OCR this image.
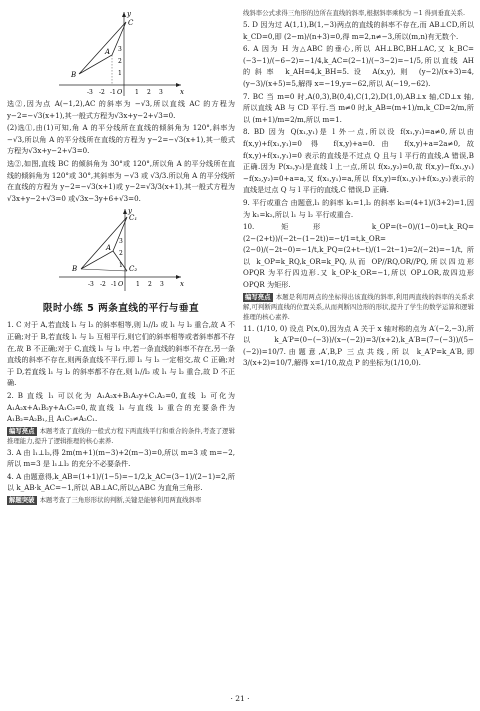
B
A
C
x
y
O
-3 -2 -1	1 2 3
1
2
3

选②,因为点 A(−1,2),AC 的斜率为 −√3,所以直线 AC 的方程为 y−2=−√3(x+1),其一般式方程为√3x+y−2+√3=0.

(2)选①,由(1)可知,角 A 的平分线所在直线的倾斜角为 120°,斜率为 −√3,所以角 A 的平分线所在直线的方程为 y−2=−√3(x+1),其一般式方程为√3x+y−2+√3=0.

选②,如图,直线 BC 的倾斜角为 30°或 120°,所以角 A 的平分线所在直线的倾斜角为 120°或 30°,其斜率为 −√3 或 √3/3.所以角 A 的平分线所在直线的方程为 y−2=−√3(x+1)或 y−2=√3/3(x+1),其一般式方程为√3x+y−2+√3=0 或√3x−3y+6+√3=0.

B
A
C₁
C₂
x
y
O
-3 -2 -1	1 2 3
1
2
3
限时小练 5 两条直线的平行与垂直

1. C 对于 A,若直线 l₁ 与 l₂ 的斜率相等,则 l₁//l₂ 或 l₁ 与 l₂ 重合,故 A 不正确;对于 B,若直线 l₁ 与 l₂ 互相平行,则它们的斜率相等或者斜率都不存在,故 B 不正确;对于 C,直线 l₁ 与 l₂ 中,若一条直线的斜率不存在,另一条直线的斜率不存在,则两条直线不平行,即 l₁ 与 l₂ 一定相交,故 C 正确;对于 D,若直线 l₁ 与 l₂ 的斜率都不存在,则 l₁//l₂ 或 l₁ 与 l₂ 重合,故 D 不正确.

2. B 直线 l₁ 可以化为 A₁A₂x+B₁A₂y+C₁A₂=0,直线 l₂ 可化为 A₁A₂x+A₁B₂y+A₁C₂=0,故直线 l₁ 与直线 l₂ 重合的充要条件为 A₁B₂=A₂B₁,且 A₁C₂≠A₂C₁.

编写亮点 本题考查了直线的一般式方程下两直线平行和重合的条件,考查了逻辑推理能力,提升了逻辑推理的核心素养.

3. A 由 l₁⊥l₂,得 2m(m+1)(m−3)+2(m−3)=0,所以 m=3 或 m=−2,所以 m=3 是 l₁⊥l₂ 的充分不必要条件.

4. A 由题意得,k_AB=(1+1)/(1−5)=−1/2,k_AC=(3−1)/(2−1)=2,所以 k_AB·k_AC=−1,所以 AB⊥AC,所以△ABC 为直角三角形.

解题突破 本题考查了三角形形状的判断,关键是能够利用两直线斜率

线斜率公式求得三角形的边所在直线的斜率,根据斜率乘积为 −1 得到垂直关系.

5. D 因为过 A(1,1),B(1,−3)两点的直线的斜率不存在,而 AB⊥CD,所以 k_CD=0,即 (2−m)/(n+3)=0,得 m=2,n≠−3,所以(m,n)有无数个.

6. A 因为 H 为△ABC 的垂心,所以 AH⊥BC,BH⊥AC,又 k_BC=(−3−1)/(−6−2)=−1/4,k_AC=(2−1)/(−3−2)=−1/5,所以直线 AH 的斜率 k_AH=4,k_BH=5.设 A(x,y),则 (y−2)/(x+3)=4,(y−3)/(x+5)=5,解得 x=−19,y=−62,所以 A(−19,−62).

7. BC 当 m=0 时,A(0,3),B(0,4),C(1,2),D(1,0),AB⊥x 轴,CD⊥x 轴,所以直线 AB 与 CD 平行.当 m≠0 时,k_AB=(m+1)/m,k_CD=2/m,所以 (m+1)/m=2/m,所以 m=1.

8. BD 因为 Q(x₁,y₁)是 l 外一点,所以设 f(x₁,y₁)=a≠0,所以由 f(x,y)+f(x₁,y₁)=0 得 f(x,y)+a=0.由 f(x,y)+a=2a≠0,故 f(x,y)+f(x₁,y₁)=0 表示的直线是不过点 Q 且与 l 平行的直线,A 错误,B 正确.因为 P(x₂,y₂)是直线 l 上一点,所以 f(x₂,y₂)=0,故 f(x,y)−f(x₁,y₁)−f(x₂,y₂)=0+a=a,又 f(x₁,y₁)=a,所以 f(x,y)=f(x₁,y₁)+f(x₂,y₂)表示的直线是过点 Q 与 l 平行的直线,C 错误,D 正确.

9. 平行或重合 由题意,l₁ 的斜率 k₁=1,l₂ 的斜率 k₂=(4+1)/(3+2)=1,因为 k₁=k₂,所以 l₁ 与 l₂ 平行或重合.

10. 矩形 k_OP=(t−0)/(1−0)=t,k_RQ=(2−(2+t))/(−2t−(1−2t))=−t/1=t,k_OR=(2−0)/(−2t−0)=−1/t,k_PQ=(2+t−t)/(1−2t−1)=2/(−2t)=−1/t,所以 k_OP=k_RQ,k_OR=k_PQ,从而 OP//RQ,OR//PQ,所以四边形 OPQR 为平行四边形.又 k_OP·k_OR=−1,所以 OP⊥OR,故四边形 OPQR 为矩形.

编写亮点 本题是利用两点的坐标得出该直线的斜率,利用两直线的斜率的关系求解,可判断两直线的位置关系,从而判断四边形的形状,提升了学生的数学运算和逻辑推理的核心素养.

11. (1/10, 0) 设点 P(x,0),因为点 A 关于 x 轴对称的点为 A′(−2,−3),所以 k_A′P=(0−(−3))/(x−(−2))=3/(x+2),k_A′B=(7−(−3))/(5−(−2))=10/7.由题意,A′,B,P 三点共线,所以 k_A′P=k_A′B,即 3/(x+2)=10/7,解得 x=1/10,故点 P 的坐标为(1/10,0).

· 21 ·
